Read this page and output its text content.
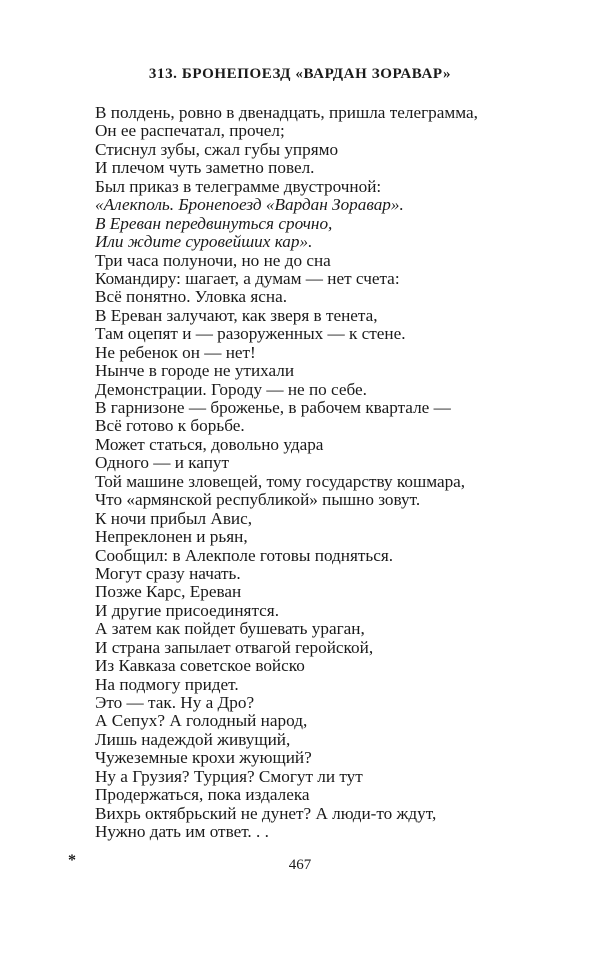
313. БРОНЕПОЕЗД «ВАРДАН ЗОРАВАР»
В полдень, ровно в двенадцать, пришла телеграмма,
Он ее распечатал, прочел;
Стиснул зубы, сжал губы упрямо
И плечом чуть заметно повел.
Был приказ в телеграмме двустрочной:
«Алекполь. Бронепоезд «Вардан Зоравар».
В Ереван передвинуться срочно,
Или ждите суровейших кар».
Три часа полуночи, но не до сна
Командиру: шагает, а думам — нет счета:
Всё понятно. Уловка ясна.
В Ереван залучают, как зверя в тенета,
Там оцепят и — разоруженных — к стене.
Не ребенок он — нет!
Нынче в городе не утихали
Демонстрации. Городу — не по себе.
В гарнизоне — броженье, в рабочем квартале —
Всё готово к борьбе.
Может статься, довольно удара
Одного — и капут
Той машине зловещей, тому государству кошмара,
Что «армянской республикой» пышно зовут.
К ночи прибыл Авис,
Непреклонен и рьян,
Сообщил: в Алекполе готовы подняться.
Могут сразу начать.
Позже Карс, Ереван
И другие присоединятся.
А затем как пойдет бушевать ураган,
И страна запылает отвагой геройской,
Из Кавказа советское войско
На подмогу придет.
Это — так. Ну а Дро?
А Сепух? А голодный народ,
Лишь надеждой живущий,
Чужеземные крохи жующий?
Ну а Грузия? Турция? Смогут ли тут
Продержаться, пока издалека
Вихрь октябрьский не дунет? А люди-то ждут,
Нужно дать им ответ. . .
*	467
